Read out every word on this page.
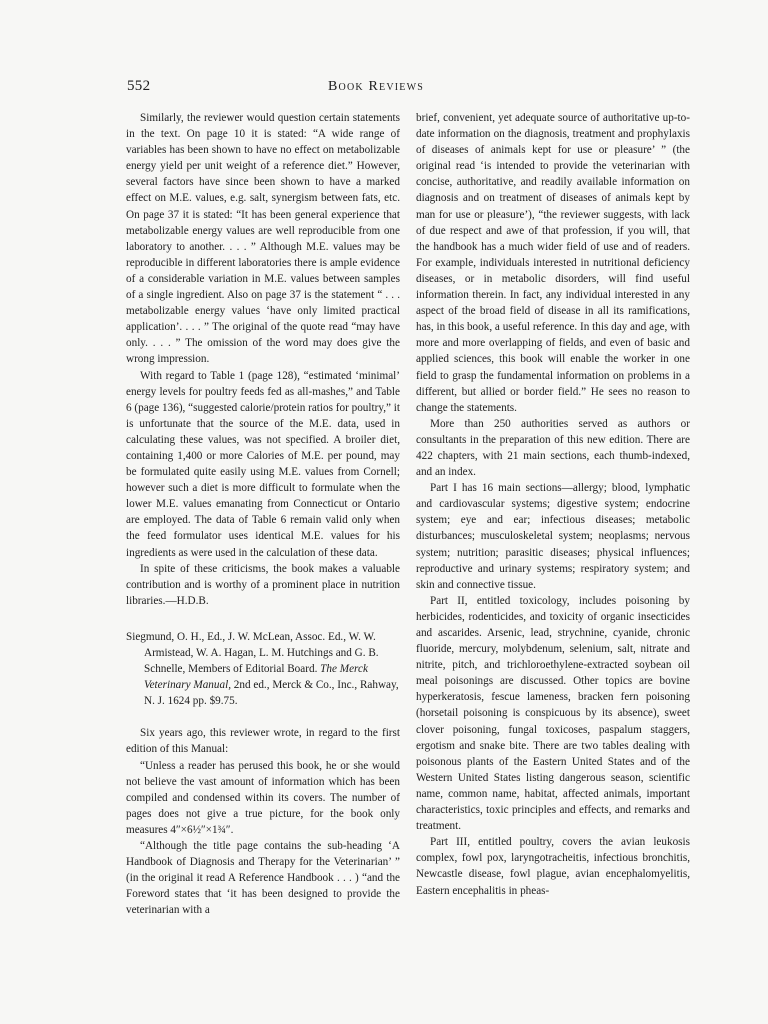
552	Book Reviews

Similarly, the reviewer would question certain statements in the text. On page 10 it is stated: “A wide range of variables has been shown to have no effect on metabolizable energy yield per unit weight of a reference diet.” However, several factors have since been shown to have a marked effect on M.E. values, e.g. salt, synergism between fats, etc. On page 37 it is stated: “It has been general experience that metabolizable energy values are well reproducible from one laboratory to another. . . . ” Although M.E. values may be reproducible in different laboratories there is ample evidence of a considerable variation in M.E. values between samples of a single ingredient. Also on page 37 is the statement “ . . . metabolizable energy values ‘have only limited practical application’. . . . ” The original of the quote read “may have only. . . . ” The omission of the word may does give the wrong impression.

With regard to Table 1 (page 128), “estimated ‘minimal’ energy levels for poultry feeds fed as all-mashes,” and Table 6 (page 136), “suggested calorie/protein ratios for poultry,” it is unfortunate that the source of the M.E. data, used in calculating these values, was not specified. A broiler diet, containing 1,400 or more Calories of M.E. per pound, may be formulated quite easily using M.E. values from Cornell; however such a diet is more difficult to formulate when the lower M.E. values emanating from Connecticut or Ontario are employed. The data of Table 6 remain valid only when the feed formulator uses identical M.E. values for his ingredients as were used in the calculation of these data.

In spite of these criticisms, the book makes a valuable contribution and is worthy of a prominent place in nutrition libraries.—H.D.B.

Siegmund, O. H., Ed., J. W. McLean, Assoc. Ed., W. W. Armistead, W. A. Hagan, L. M. Hutchings and G. B. Schnelle, Members of Editorial Board. The Merck Veterinary Manual, 2nd ed., Merck & Co., Inc., Rahway, N. J. 1624 pp. $9.75.

Six years ago, this reviewer wrote, in regard to the first edition of this Manual:

“Unless a reader has perused this book, he or she would not believe the vast amount of information which has been compiled and condensed within its covers. The number of pages does not give a true picture, for the book only measures 4″×6½″×1¾″.

“Although the title page contains the sub-heading ‘A Handbook of Diagnosis and Therapy for the Veterinarian’ ” (in the original it read A Reference Handbook . . . ) “and the Foreword states that ‘it has been designed to provide the veterinarian with a

brief, convenient, yet adequate source of authoritative up-to-date information on the diagnosis, treatment and prophylaxis of diseases of animals kept for use or pleasure’ ” (the original read ‘is intended to provide the veterinarian with concise, authoritative, and readily available information on diagnosis and on treatment of diseases of animals kept by man for use or pleasure’), “the reviewer suggests, with lack of due respect and awe of that profession, if you will, that the handbook has a much wider field of use and of readers. For example, individuals interested in nutritional deficiency diseases, or in metabolic disorders, will find useful information therein. In fact, any individual interested in any aspect of the broad field of disease in all its ramifications, has, in this book, a useful reference. In this day and age, with more and more overlapping of fields, and even of basic and applied sciences, this book will enable the worker in one field to grasp the fundamental information on problems in a different, but allied or border field.” He sees no reason to change the statements.

More than 250 authorities served as authors or consultants in the preparation of this new edition. There are 422 chapters, with 21 main sections, each thumb-indexed, and an index.

Part I has 16 main sections—allergy; blood, lymphatic and cardiovascular systems; digestive system; endocrine system; eye and ear; infectious diseases; metabolic disturbances; musculoskeletal system; neoplasms; nervous system; nutrition; parasitic diseases; physical influences; reproductive and urinary systems; respiratory system; and skin and connective tissue.

Part II, entitled toxicology, includes poisoning by herbicides, rodenticides, and toxicity of organic insecticides and ascarides. Arsenic, lead, strychnine, cyanide, chronic fluoride, mercury, molybdenum, selenium, salt, nitrate and nitrite, pitch, and trichloroethylene-extracted soybean oil meal poisonings are discussed. Other topics are bovine hyperkeratosis, fescue lameness, bracken fern poisoning (horsetail poisoning is conspicuous by its absence), sweet clover poisoning, fungal toxicoses, paspalum staggers, ergotism and snake bite. There are two tables dealing with poisonous plants of the Eastern United States and of the Western United States listing dangerous season, scientific name, common name, habitat, affected animals, important characteristics, toxic principles and effects, and remarks and treatment.

Part III, entitled poultry, covers the avian leukosis complex, fowl pox, laryngotracheitis, infectious bronchitis, Newcastle disease, fowl plague, avian encephalomyelitis, Eastern encephalitis in pheas-
